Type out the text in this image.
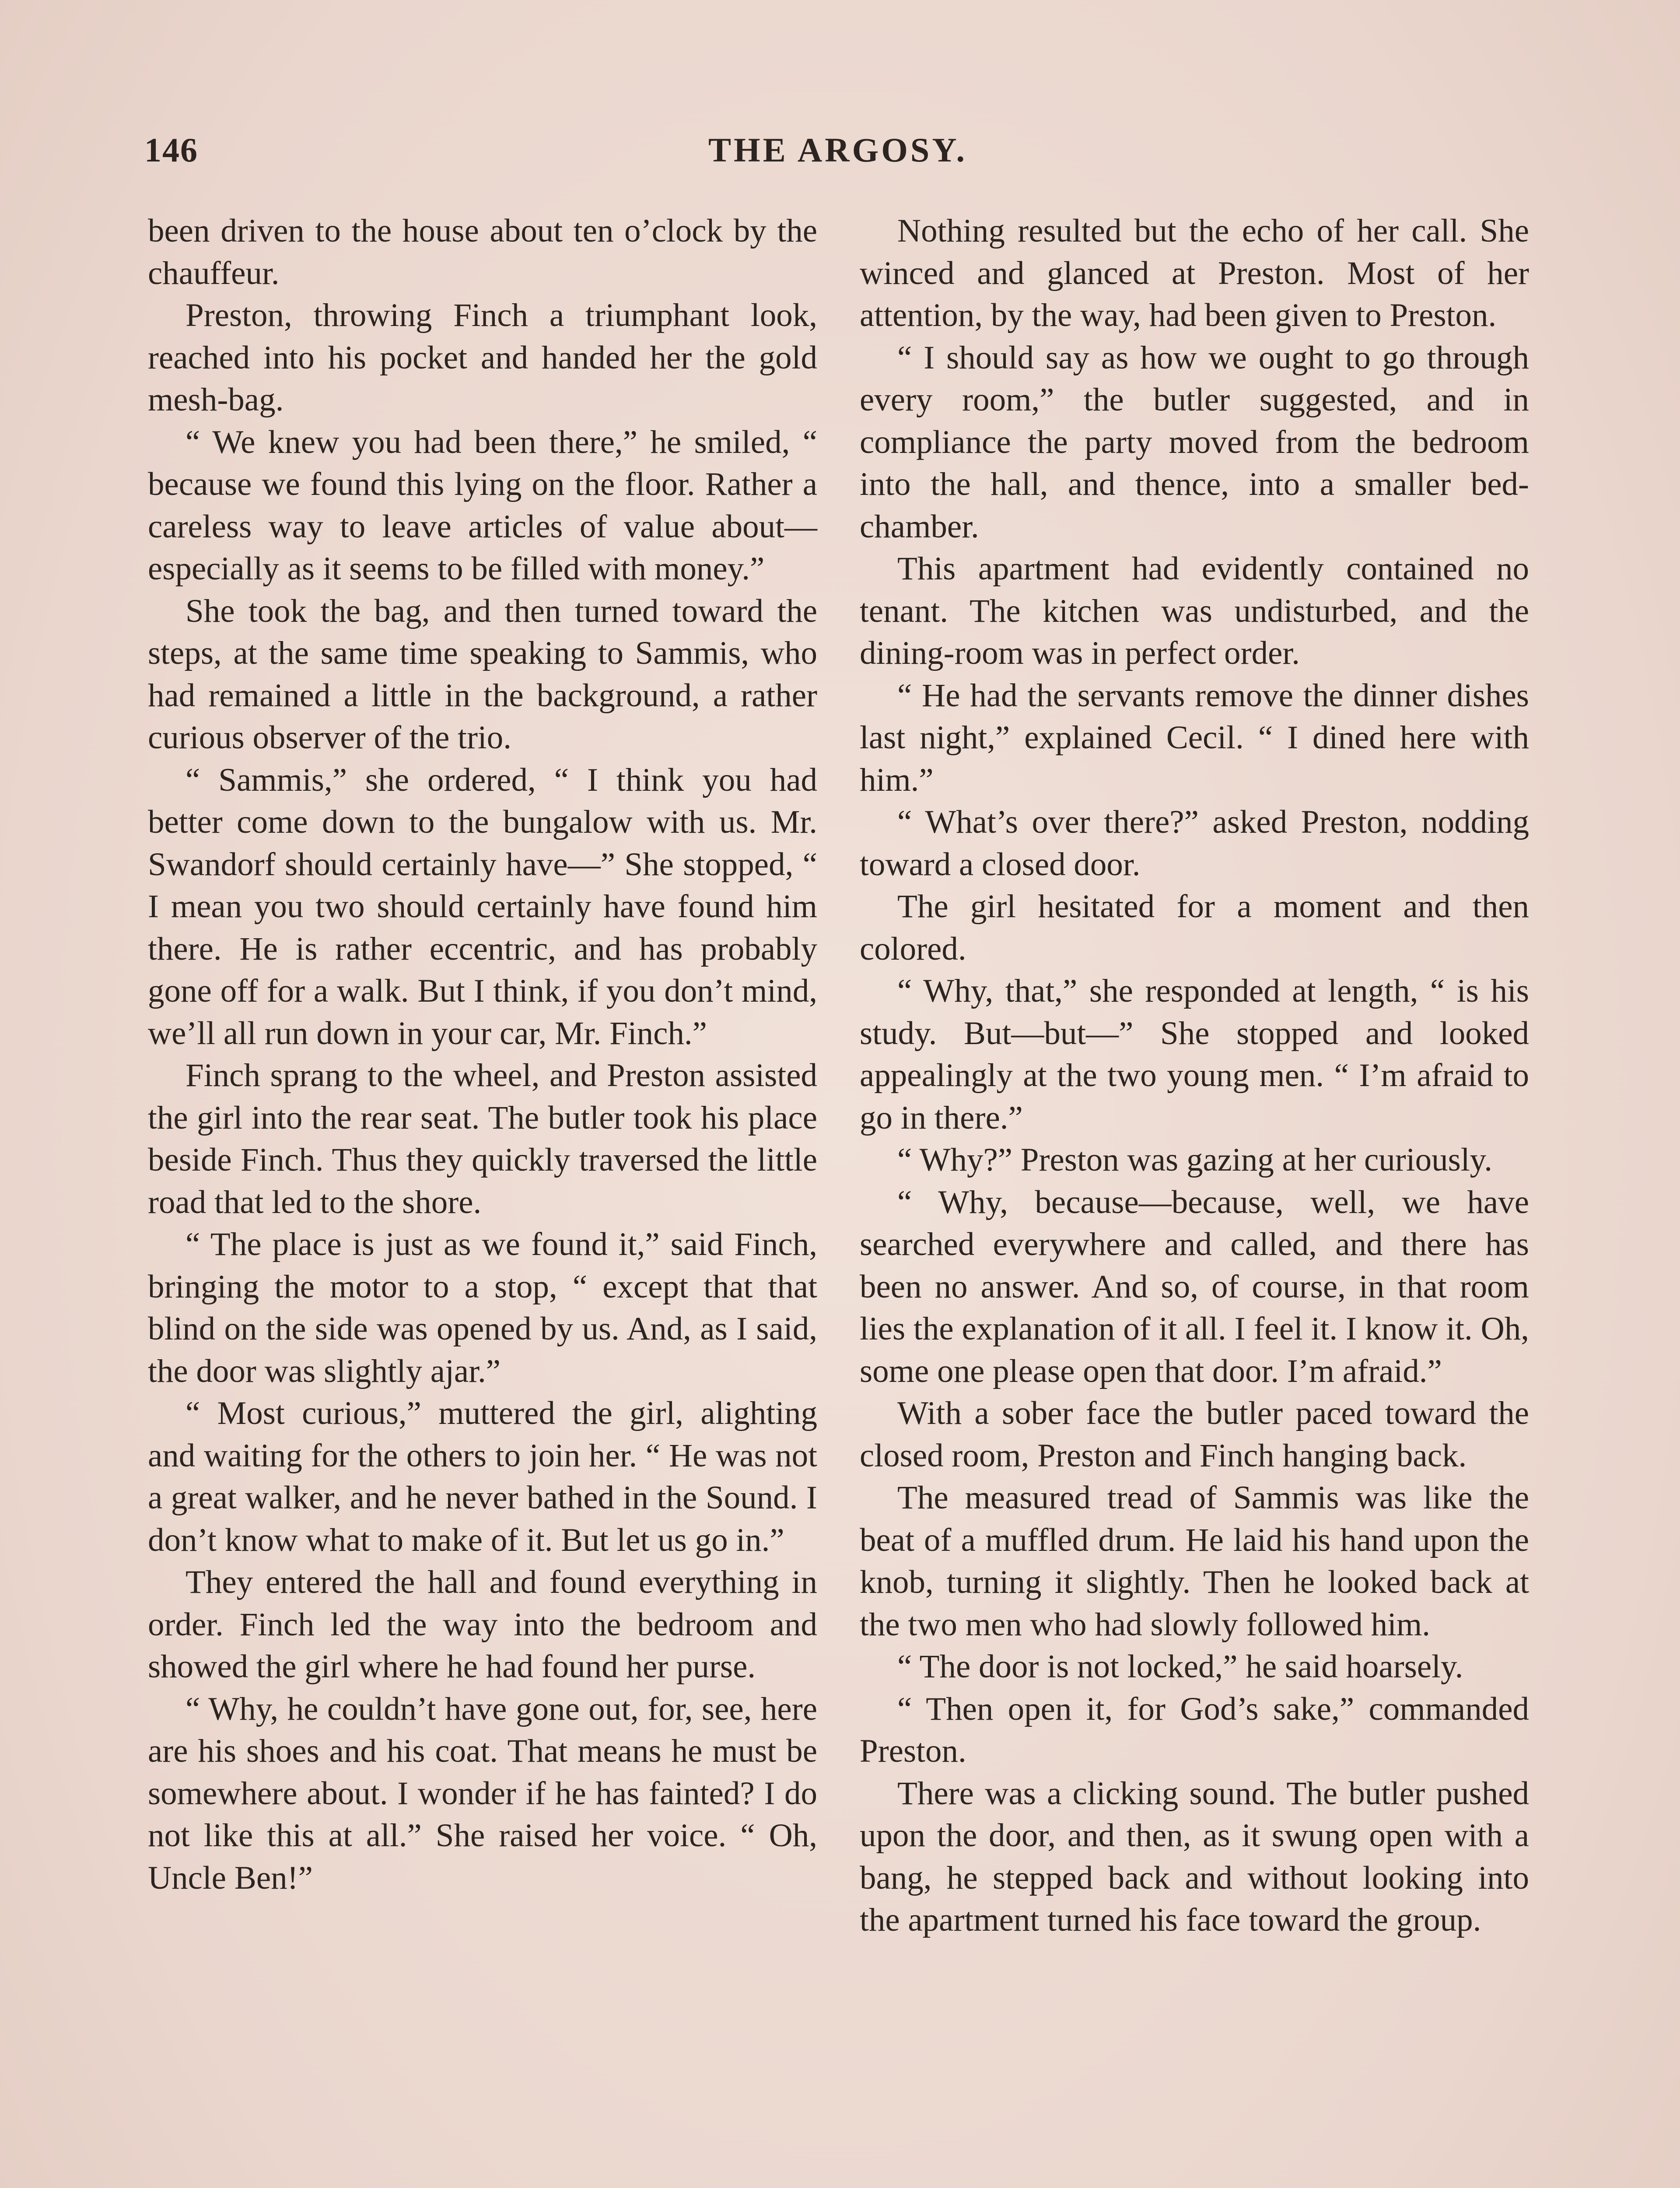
146	THE ARGOSY.

been driven to the house about ten o’clock by the chauffeur.

Preston, throwing Finch a triumphant look, reached into his pocket and handed her the gold mesh-bag.

“ We knew you had been there,” he smiled, “ because we found this lying on the floor. Rather a careless way to leave articles of value about—especially as it seems to be filled with money.”

She took the bag, and then turned toward the steps, at the same time speaking to Sammis, who had remained a little in the background, a rather curious observer of the trio.

“ Sammis,” she ordered, “ I think you had better come down to the bungalow with us. Mr. Swandorf should certainly have—” She stopped, “ I mean you two should certainly have found him there. He is rather eccentric, and has probably gone off for a walk. But I think, if you don’t mind, we’ll all run down in your car, Mr. Finch.”

Finch sprang to the wheel, and Preston assisted the girl into the rear seat. The butler took his place beside Finch. Thus they quickly traversed the little road that led to the shore.

“ The place is just as we found it,” said Finch, bringing the motor to a stop, “ except that that blind on the side was opened by us. And, as I said, the door was slightly ajar.”

“ Most curious,” muttered the girl, alighting and waiting for the others to join her. “ He was not a great walker, and he never bathed in the Sound. I don’t know what to make of it. But let us go in.”

They entered the hall and found everything in order. Finch led the way into the bedroom and showed the girl where he had found her purse.

“ Why, he couldn’t have gone out, for, see, here are his shoes and his coat. That means he must be somewhere about. I wonder if he has fainted? I do not like this at all.” She raised her voice. “ Oh, Uncle Ben!”

Nothing resulted but the echo of her call. She winced and glanced at Preston. Most of her attention, by the way, had been given to Preston.

“ I should say as how we ought to go through every room,” the butler suggested, and in compliance the party moved from the bedroom into the hall, and thence, into a smaller bed-chamber.

This apartment had evidently contained no tenant. The kitchen was undisturbed, and the dining-room was in perfect order.

“ He had the servants remove the dinner dishes last night,” explained Cecil. “ I dined here with him.”

“ What’s over there?” asked Preston, nodding toward a closed door.

The girl hesitated for a moment and then colored.

“ Why, that,” she responded at length, “ is his study. But—but—” She stopped and looked appealingly at the two young men. “ I’m afraid to go in there.”

“ Why?” Preston was gazing at her curiously.

“ Why, because—because, well, we have searched everywhere and called, and there has been no answer. And so, of course, in that room lies the explanation of it all. I feel it. I know it. Oh, some one please open that door. I’m afraid.”

With a sober face the butler paced toward the closed room, Preston and Finch hanging back.

The measured tread of Sammis was like the beat of a muffled drum. He laid his hand upon the knob, turning it slightly. Then he looked back at the two men who had slowly followed him.

“ The door is not locked,” he said hoarsely.

“ Then open it, for God’s sake,” commanded Preston.

There was a clicking sound. The butler pushed upon the door, and then, as it swung open with a bang, he stepped back and without looking into the apartment turned his face toward the group.
